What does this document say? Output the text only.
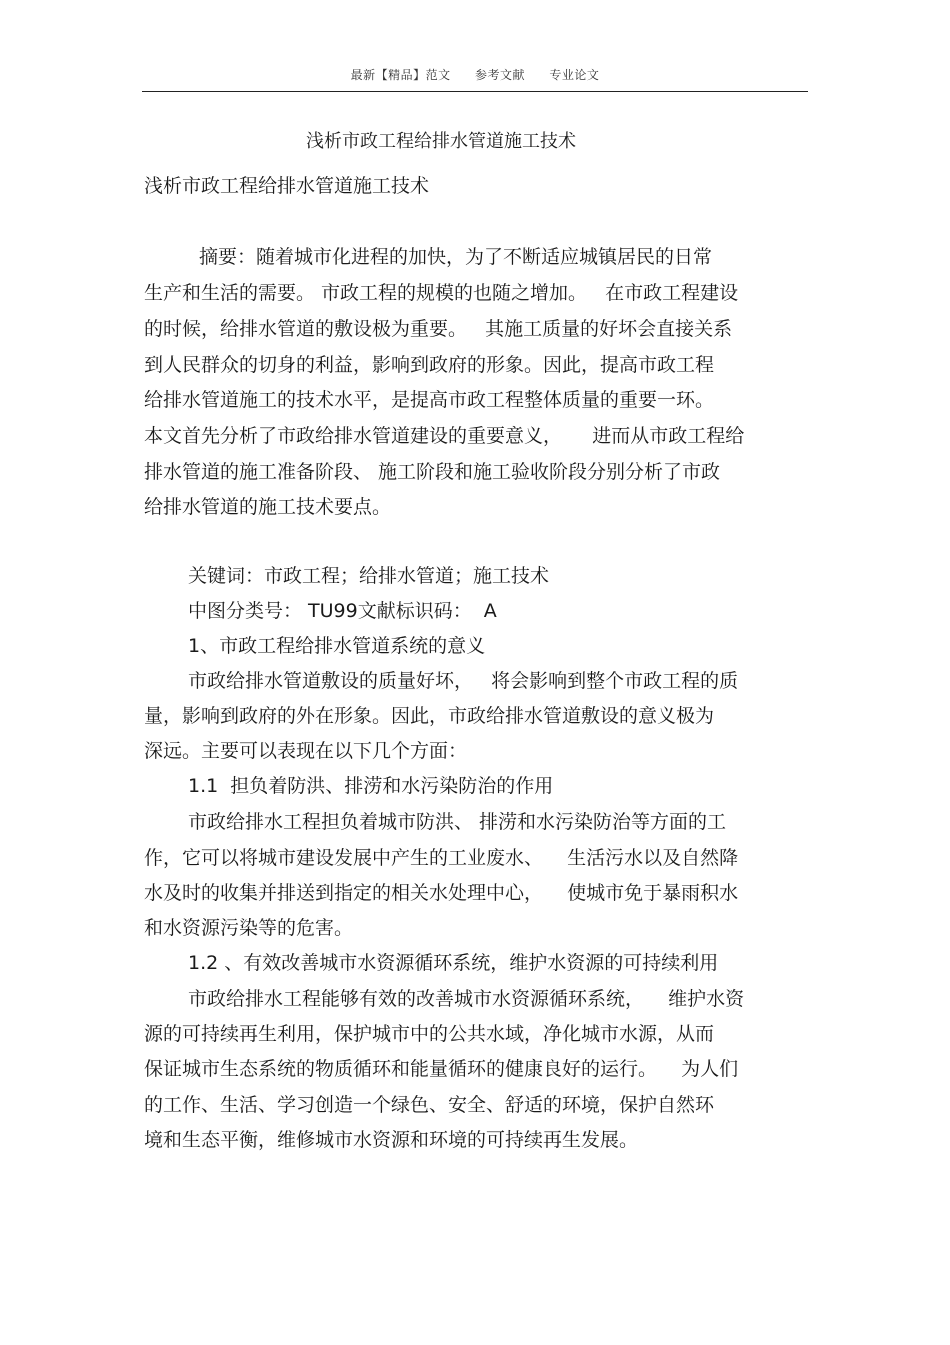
最新【精品】范文 参考文献 专业论文
浅析市政工程给排水管道施工技术
浅析市政工程给排水管道施工技术
摘要：随着城市化进程的加快，为了不断适应城镇居民的日常
生产和生活的需要。 市政工程的规模的也随之增加。   在市政工程建设
的时候，给排水管道的敷设极为重要。   其施工质量的好坏会直接关系
到人民群众的切身的利益，影响到政府的形象。因此，提高市政工程
给排水管道施工的技术水平，是提高市政工程整体质量的重要一环。
本文首先分析了市政给排水管道建设的重要意义，     进而从市政工程给
排水管道的施工准备阶段、 施工阶段和施工验收阶段分别分析了市政
给排水管道的施工技术要点。
关键词：市政工程；给排水管道；施工技术
中图分类号： TU99文献标识码：  A
1、市政工程给排水管道系统的意义
市政给排水管道敷设的质量好坏，   将会影响到整个市政工程的质
量，影响到政府的外在形象。因此，市政给排水管道敷设的意义极为
深远。主要可以表现在以下几个方面：
1.1  担负着防洪、排涝和水污染防治的作用
市政给排水工程担负着城市防洪、 排涝和水污染防治等方面的工
作，它可以将城市建设发展中产生的工业废水、    生活污水以及自然降
水及时的收集并排送到指定的相关水处理中心，    使城市免于暴雨积水
和水资源污染等的危害。
1.2 、有效改善城市水资源循环系统，维护水资源的可持续利用
市政给排水工程能够有效的改善城市水资源循环系统，    维护水资
源的可持续再生利用，保护城市中的公共水域，净化城市水源，从而
保证城市生态系统的物质循环和能量循环的健康良好的运行。    为人们
的工作、生活、学习创造一个绿色、安全、舒适的环境，保护自然环
境和生态平衡，维修城市水资源和环境的可持续再生发展。
